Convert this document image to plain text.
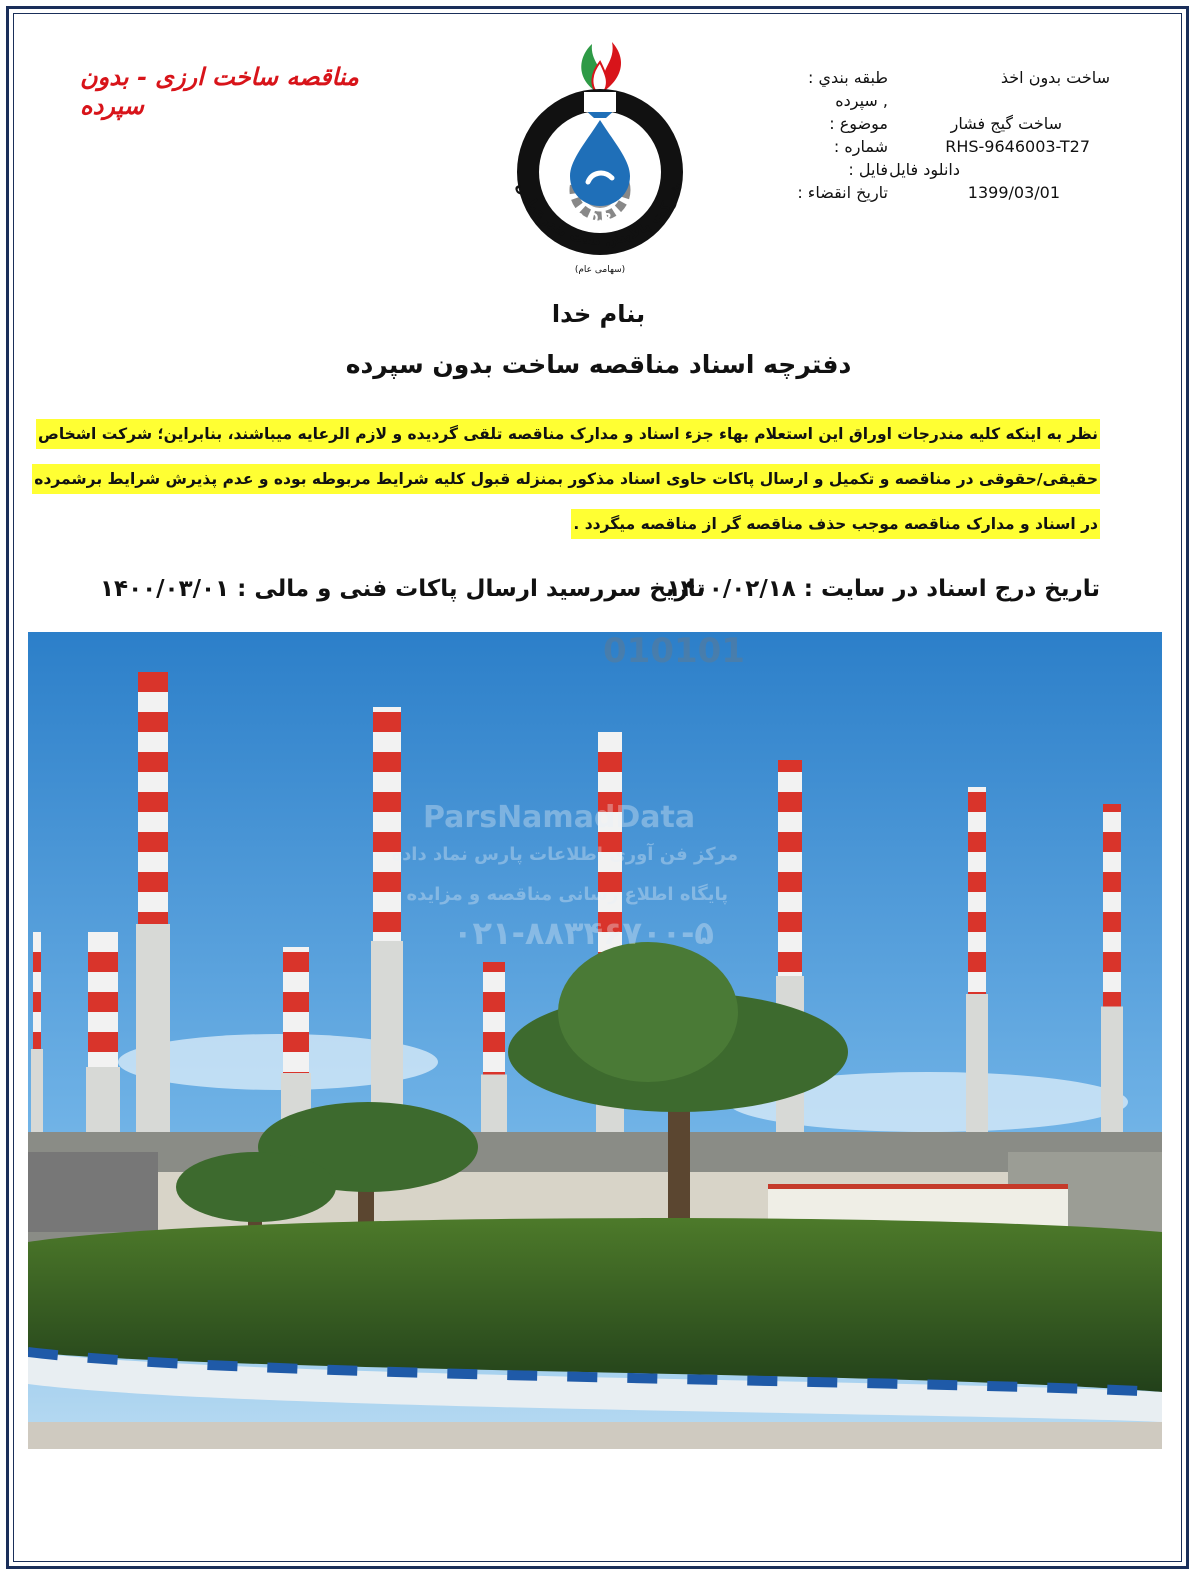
مناقصه ساخت ارزی - بدون سپرده
B.O.R.C
شرکت پالایش نفت بندرعباس
(سهامی عام)
طبقه بندي :	ساخت بدون اخذ
, سپرده
موضوع :	ساخت گیج فشار
شماره :	RHS-9646003-T27
فایل : دانلود فایل
تاريخ انقضاء :	1399/03/01
بنام خدا
دفترچه اسناد مناقصه ساخت بدون سپرده
نظر به اینکه کلیه مندرجات اوراق این استعلام بهاء جزء اسناد و مدارک مناقصه تلقی گردیده و لازم الرعایه میباشند، بنابراین؛ شرکت اشخاص
حقیقی/حقوقی در مناقصه و تکمیل و ارسال پاکات حاوی اسناد مذکور بمنزله قبول کلیه شرایط مربوطه بوده و عدم پذیرش شرایط برشمرده
در اسناد و مدارک مناقصه موجب حذف مناقصه گر از مناقصه میگردد .
تاریخ درج اسناد در سایت : ۱۴۰۰/۰۲/۱۸
تاریخ سررسید ارسال پاکات فنی و مالی : ۱۴۰۰/۰۳/۰۱
010101
ParsNamadData
مرکز فن آوری اطلاعات پارس نماد داده
پایگاه اطلاع رسانی مناقصه و مزایده
۰۲۱-۸۸۳۴۶۷۰۰-۵
